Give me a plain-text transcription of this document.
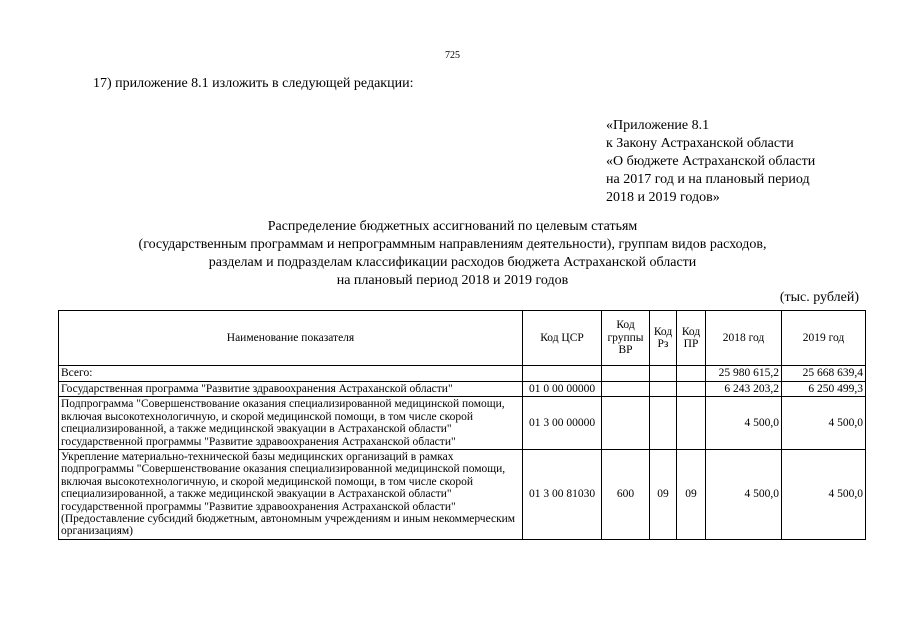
725
17) приложение 8.1 изложить в следующей редакции:
«Приложение 8.1
к Закону Астраханской области
«О бюджете Астраханской области
на 2017 год и на плановый период
2018 и 2019 годов»
Распределение бюджетных ассигнований по целевым статьям
(государственным программам и непрограммным направлениям деятельности), группам видов расходов,
разделам и подразделам классификации расходов бюджета Астраханской области
на плановый период 2018 и 2019 годов
(тыс. рублей)
Наименование показателя	Код ЦСР	Код группы ВР	Код Рз	Код ПР	2018 год	2019 год
Всего:					25 980 615,2	25 668 639,4
Государственная программа "Развитие здравоохранения Астраханской области"	01 0 00 00000				6 243 203,2	6 250 499,3
Подпрограмма "Совершенствование оказания специализированной медицинской помощи, включая высокотехнологичную, и скорой медицинской помощи, в том числе скорой специализированной, а также медицинской эвакуации в Астраханской области" государственной программы "Развитие здравоохранения Астраханской области"	01 3 00 00000				4 500,0	4 500,0
Укрепление материально-технической базы медицинских организаций в рамках подпрограммы "Совершенствование оказания специализированной медицинской помощи, включая высокотехнологичную, и скорой медицинской помощи, в том числе скорой специализированной, а также медицинской эвакуации в Астраханской области" государственной программы "Развитие здравоохранения Астраханской области" (Предоставление субсидий бюджетным, автономным учреждениям и иным некоммерческим организациям)	01 3 00 81030	600	09	09	4 500,0	4 500,0
